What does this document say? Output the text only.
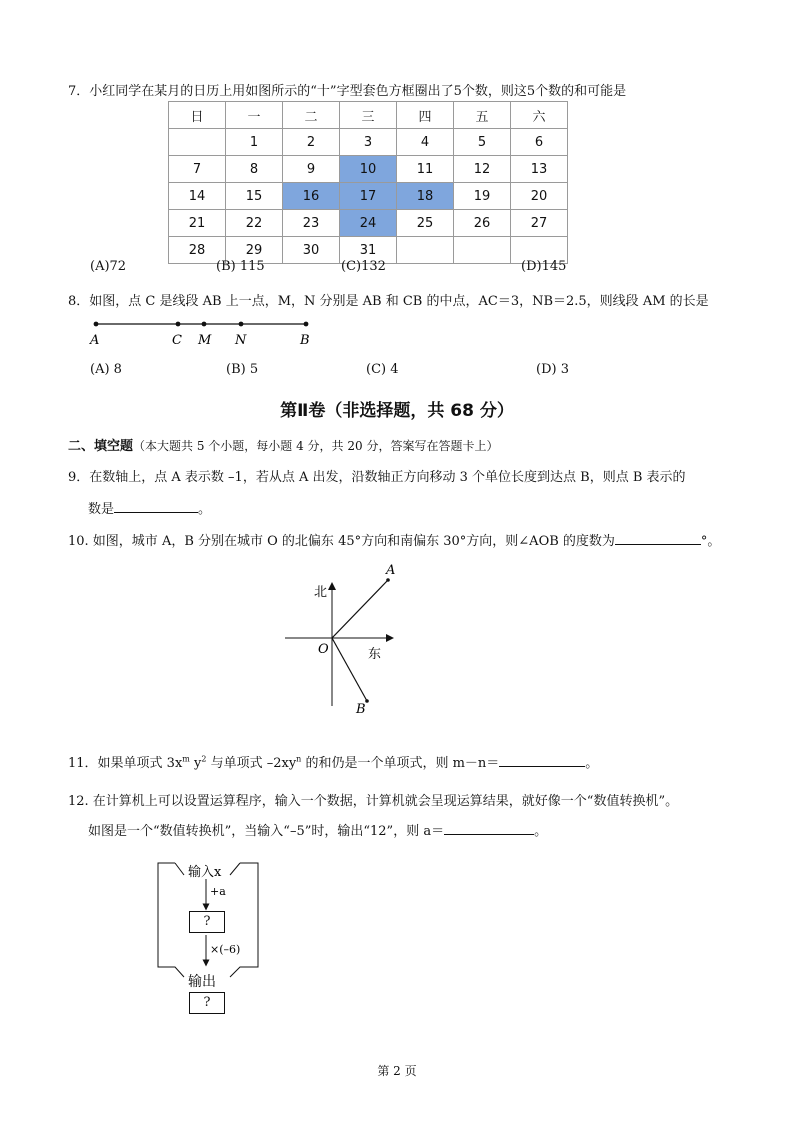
7．小红同学在某月的日历上用如图所示的“十”字型套色方框圈出了5个数，则这5个数的和可能是
日	一	二	三	四	五	六
	1	2	3	4	5	6
7	8	9	10	11	12	13
14	15	16	17	18	19	20
21	22	23	24	25	26	27
28	29	30	31			
(A)72	(B) 115	(C)132	(D)145
8．如图，点 C 是线段 AB 上一点，M，N 分别是 AB 和 CB 的中点，AC＝3，NB＝2.5，则线段 AM 的长是
A	C M N	B
(A) 8	(B) 5	(C) 4	(D) 3
第Ⅱ卷（非选择题，共 68 分）
二、填空题（本大题共 5 个小题，每小题 4 分，共 20 分，答案写在答题卡上）
9．在数轴上，点 A 表示数 –1，若从点 A 出发，沿数轴正方向移动 3 个单位长度到达点 B，则点 B 表示的
数是	。
10. 如图，城市 A，B 分别在城市 O 的北偏东 45°方向和南偏东 30°方向，则∠AOB 的度数为	°。
北
东
O
A
B
11．如果单项式 $3x^m$ $y^2$ 与单项式 $-2xy^n$ 的和仍是一个单项式，则 m－n＝	。
12. 在计算机上可以设置运算程序，输入一个数据，计算机就会呈现运算结果，就好像一个“数值转换机”。
如图是一个“数值转换机”，当输入“–5”时，输出“12”，则 a＝	。
输入x
+a
×(–6)
输出
?
?
第 2 页
